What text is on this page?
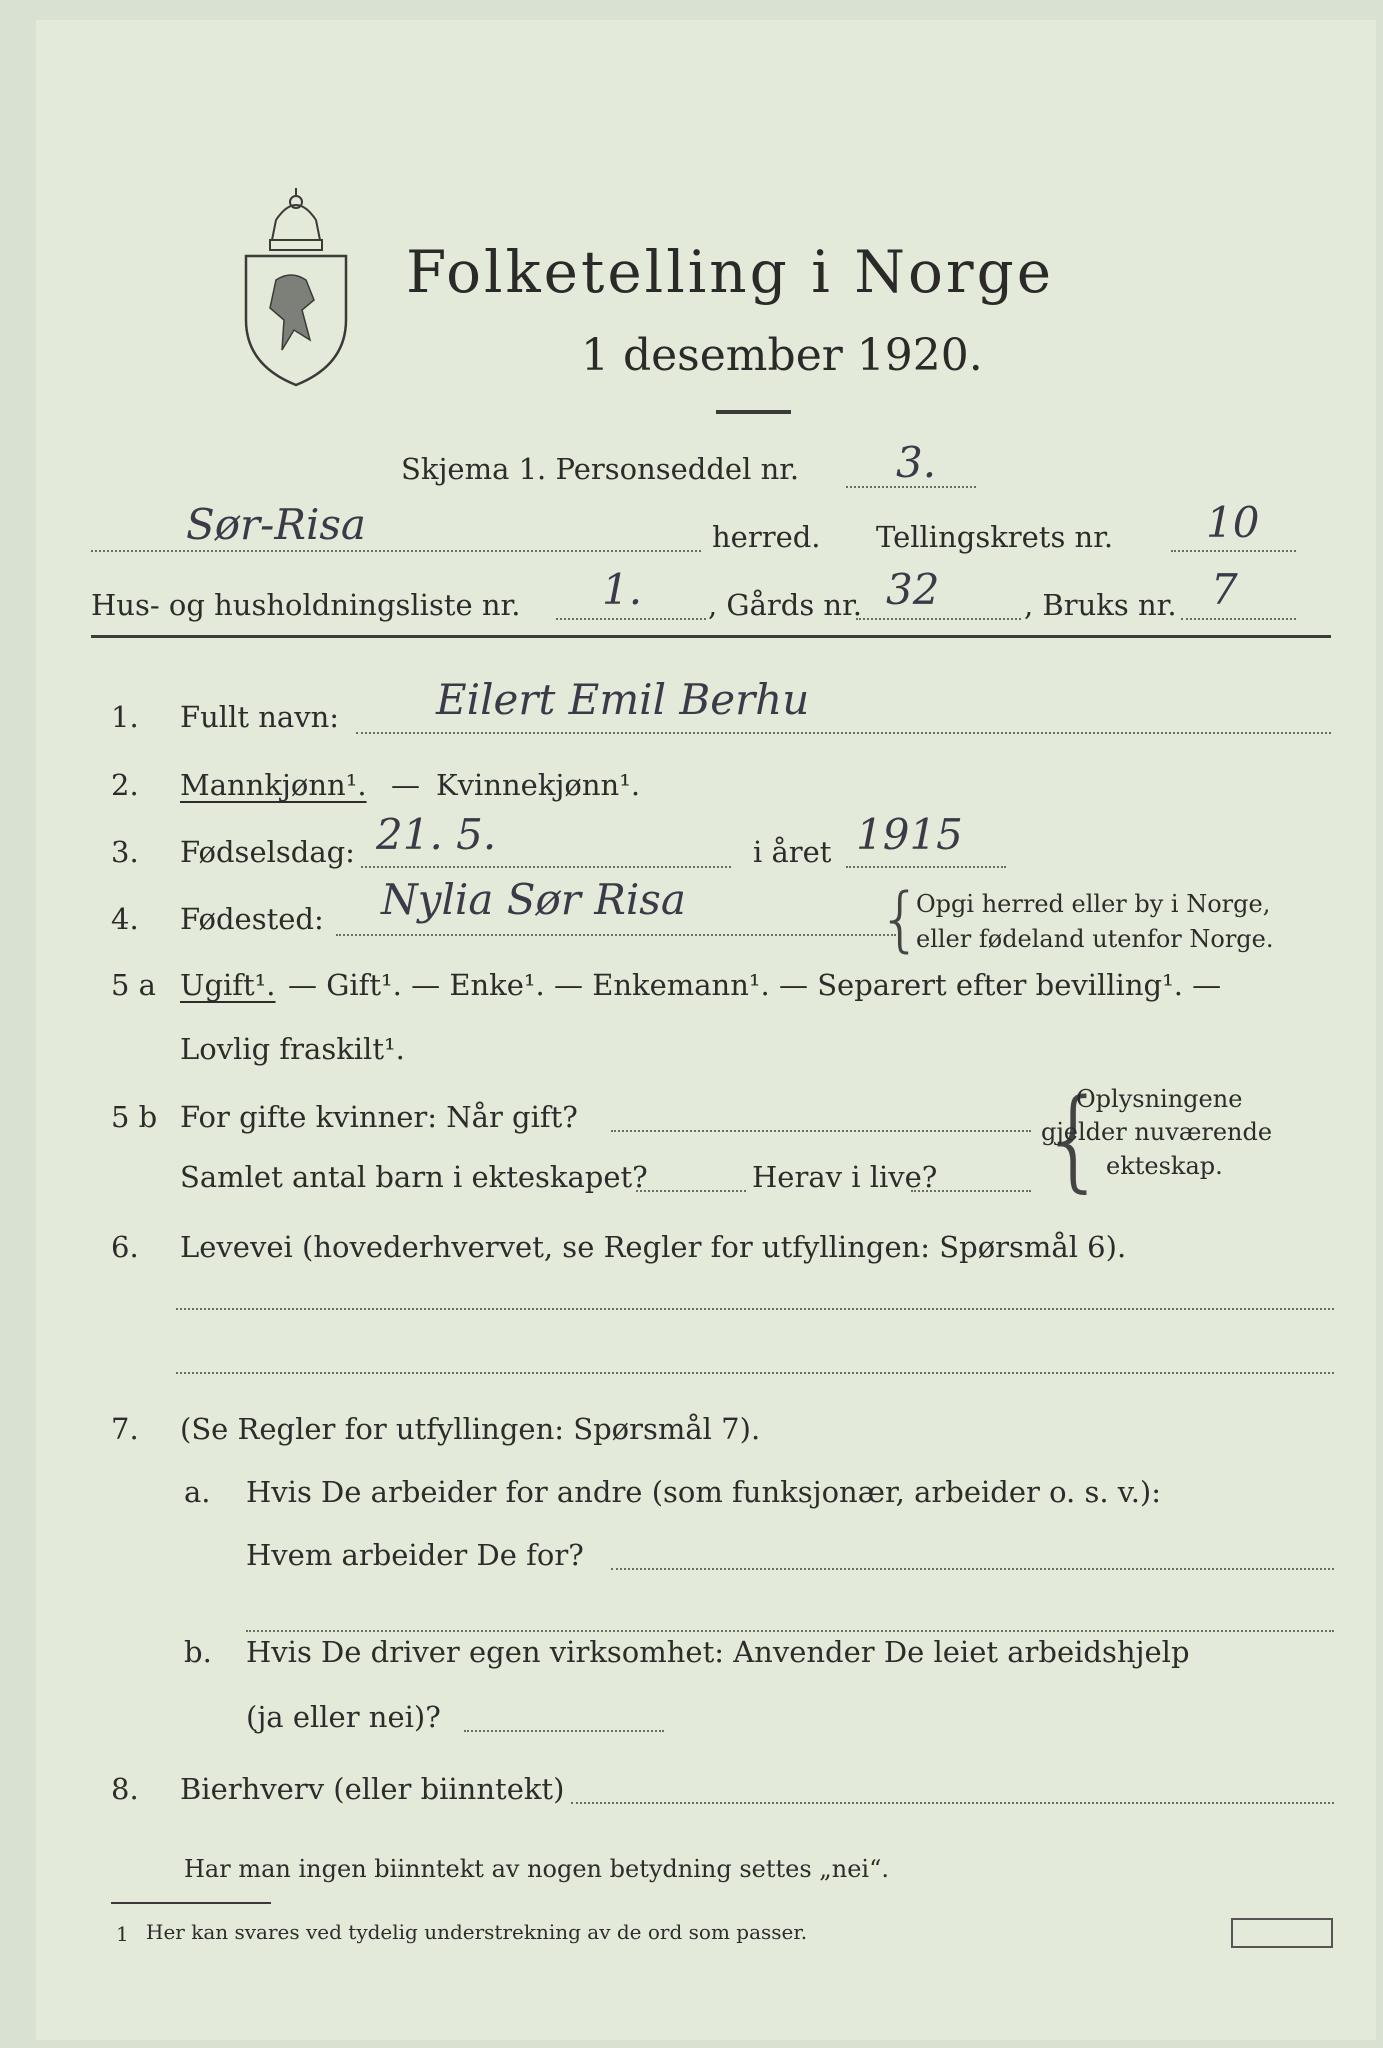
Folketelling i Norge
1 desember 1920.
Skjema 1. Personseddel nr. 3.
Sør-Risa	herred. Tellingskrets nr. 10
Hus- og husholdningsliste nr. 1. , Gårds nr. 32	, Bruks nr. 7
1. Fullt navn: Eilert Emil Berhu
2. Mannkjønn¹. — Kvinnekjønn¹.
3. Fødselsdag: 21. 5.	i året 1915
4. Fødested: Nylia Sør Risa	{
Opgi herred eller by i Norge,
eller fødeland utenfor Norge.
5 a Ugift¹. — Gift¹. — Enke¹. — Enkemann¹. — Separert efter bevilling¹. —
Lovlig fraskilt¹.
5 b For gifte kvinner: Når gift?
Samlet antal barn i ekteskapet?	Herav i live? {
Oplysningene
gjelder nuværende
ekteskap.
6. Levevei (hovederhvervet, se Regler for utfyllingen: Spørsmål 6).
7. (Se Regler for utfyllingen: Spørsmål 7).
a. Hvis De arbeider for andre (som funksjonær, arbeider o. s. v.):
Hvem arbeider De for?
b. Hvis De driver egen virksomhet: Anvender De leiet arbeidshjelp
(ja eller nei)?
8. Bierhverv (eller biinntekt)
Har man ingen biinntekt av nogen betydning settes „nei“.
1 Her kan svares ved tydelig understrekning av de ord som passer.
